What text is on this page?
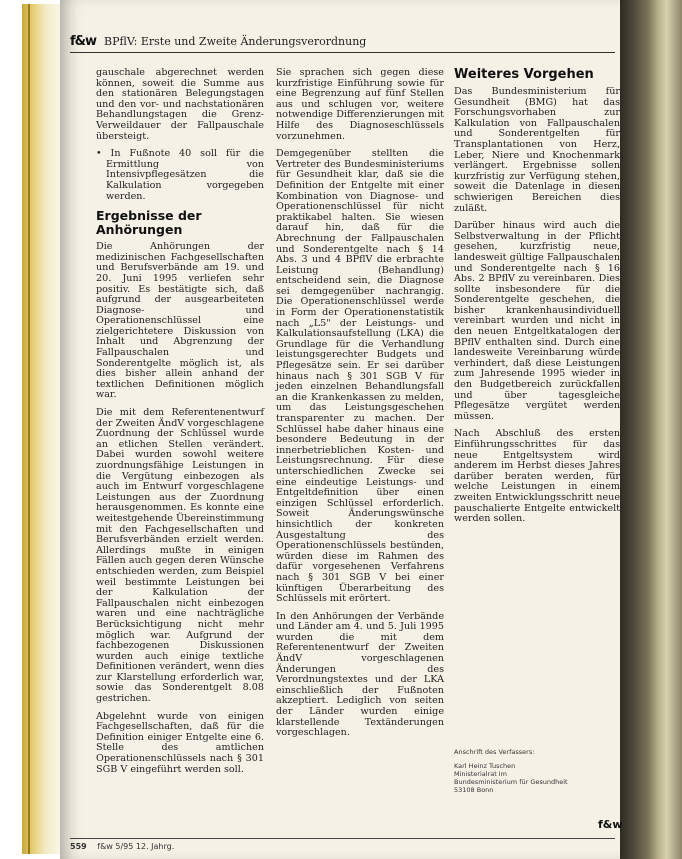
f&w BPflV: Erste und Zweite Änderungsverordnung

gauschale abgerechnet werden können, soweit die Summe aus den stationären Belegungstagen und den vor- und nachstationären Behandlungstagen die Grenz-Verweildauer der Fallpauschale übersteigt.

• In Fußnote 40 soll für die Ermittlung von Intensivpflegesätzen die Kalkulation vorgegeben werden.

Ergebnisse der Anhörungen

Die Anhörungen der medizinischen Fachgesellschaften und Berufsverbände am 19. und 20. Juni 1995 verliefen sehr positiv. Es bestätigte sich, daß aufgrund der ausgearbeiteten Diagnose- und Operationenschlüssel eine zielgerichtetere Diskussion von Inhalt und Abgrenzung der Fallpauschalen und Sonderentgelte möglich ist, als dies bisher allein anhand der textlichen Definitionen möglich war.

Die mit dem Referentenentwurf der Zweiten ÄndV vorgeschlagene Zuordnung der Schlüssel wurde an etlichen Stellen verändert. Dabei wurden sowohl weitere zuordnungsfähige Leistungen in die Vergütung einbezogen als auch im Entwurf vorgeschlagene Leistungen aus der Zuordnung herausgenommen. Es konnte eine weitestgehende Übereinstimmung mit den Fachgesellschaften und Berufsverbänden erzielt werden. Allerdings mußte in einigen Fällen auch gegen deren Wünsche entschieden werden, zum Beispiel weil bestimmte Leistungen bei der Kalkulation der Fallpauschalen nicht einbezogen waren und eine nachträgliche Berücksichtigung nicht mehr möglich war. Aufgrund der fachbezogenen Diskussionen wurden auch einige textliche Definitionen verändert, wenn dies zur Klarstellung erforderlich war, sowie das Sonderentgelt 8.08 gestrichen.

Abgelehnt wurde von einigen Fachgesellschaften, daß für die Definition einiger Entgelte eine 6. Stelle des amtlichen Operationenschlüssels nach § 301 SGB V eingeführt werden soll.

Sie sprachen sich gegen diese kurzfristige Einführung sowie für eine Begrenzung auf fünf Stellen aus und schlugen vor, weitere notwendige Differenzierungen mit Hilfe des Diagnoseschlüssels vorzunehmen.

Demgegenüber stellten die Vertreter des Bundesministeriums für Gesundheit klar, daß sie die Definition der Entgelte mit einer Kombination von Diagnose- und Operationenschlüssel für nicht praktikabel halten. Sie wiesen darauf hin, daß für die Abrechnung der Fallpauschalen und Sonderentgelte nach § 14 Abs. 3 und 4 BPflV die erbrachte Leistung (Behandlung) entscheidend sein, die Diagnose sei demgegenüber nachrangig. Die Operationenschlüssel werde in Form der Operationenstatistik nach „L5" der Leistungs- und Kalkulationsaufstellung (LKA) die Grundlage für die Verhandlung leistungsgerechter Budgets und Pflegesätze sein. Er sei darüber hinaus nach § 301 SGB V für jeden einzelnen Behandlungsfall an die Krankenkassen zu melden, um das Leistungsgeschehen transparenter zu machen. Der Schlüssel habe daher hinaus eine besondere Bedeutung in der innerbetrieblichen Kosten- und Leistungsrechnung. Für diese unterschiedlichen Zwecke sei eine eindeutige Leistungs- und Entgeltdefinition über einen einzigen Schlüssel erforderlich. Soweit Änderungswünsche hinsichtlich der konkreten Ausgestaltung des Operationenschlüssels bestünden, würden diese im Rahmen des dafür vorgesehenen Verfahrens nach § 301 SGB V bei einer künftigen Überarbeitung des Schlüssels mit erörtert.

In den Anhörungen der Verbände und Länder am 4. und 5. Juli 1995 wurden die mit dem Referentenentwurf der Zweiten ÄndV vorgeschlagenen Änderungen des Verordnungstextes und der LKA einschließlich der Fußnoten akzeptiert. Lediglich von seiten der Länder wurden einige klarstellende Textänderungen vorgeschlagen.

Weiteres Vorgehen

Das Bundesministerium für Gesundheit (BMG) hat das Forschungsvorhaben zur Kalkulation von Fallpauschalen und Sonderentgelten für Transplantationen von Herz, Leber, Niere und Knochenmark verlängert. Ergebnisse sollen kurzfristig zur Verfügung stehen, soweit die Datenlage in diesen schwierigen Bereichen dies zuläßt.

Darüber hinaus wird auch die Selbstverwaltung in der Pflicht gesehen, kurzfristig neue, landesweit gültige Fallpauschalen und Sonderentgelte nach § 16 Abs. 2 BPflV zu vereinbaren. Dies sollte insbesondere für die Sonderentgelte geschehen, die bisher krankenhausindividuell vereinbart wurden und nicht in den neuen Entgeltkatalogen der BPflV enthalten sind. Durch eine landesweite Vereinbarung würde verhindert, daß diese Leistungen zum Jahresende 1995 wieder in den Budgetbereich zurückfallen und über tagesgleiche Pflegesätze vergütet werden müssen.

Nach Abschluß des ersten Einführungsschrittes für das neue Entgeltsystem wird anderem im Herbst dieses Jahres darüber beraten werden, für welche Leistungen in einem zweiten Entwicklungsschritt neue pauschalierte Entgelte entwickelt werden sollen.

Anschrift des Verfassers:
Karl Heinz Tuschen
Ministerialrat im
Bundesministerium für Gesundheit
53108 Bonn
f&w
559 f&w 5/95 12. Jahrg.
